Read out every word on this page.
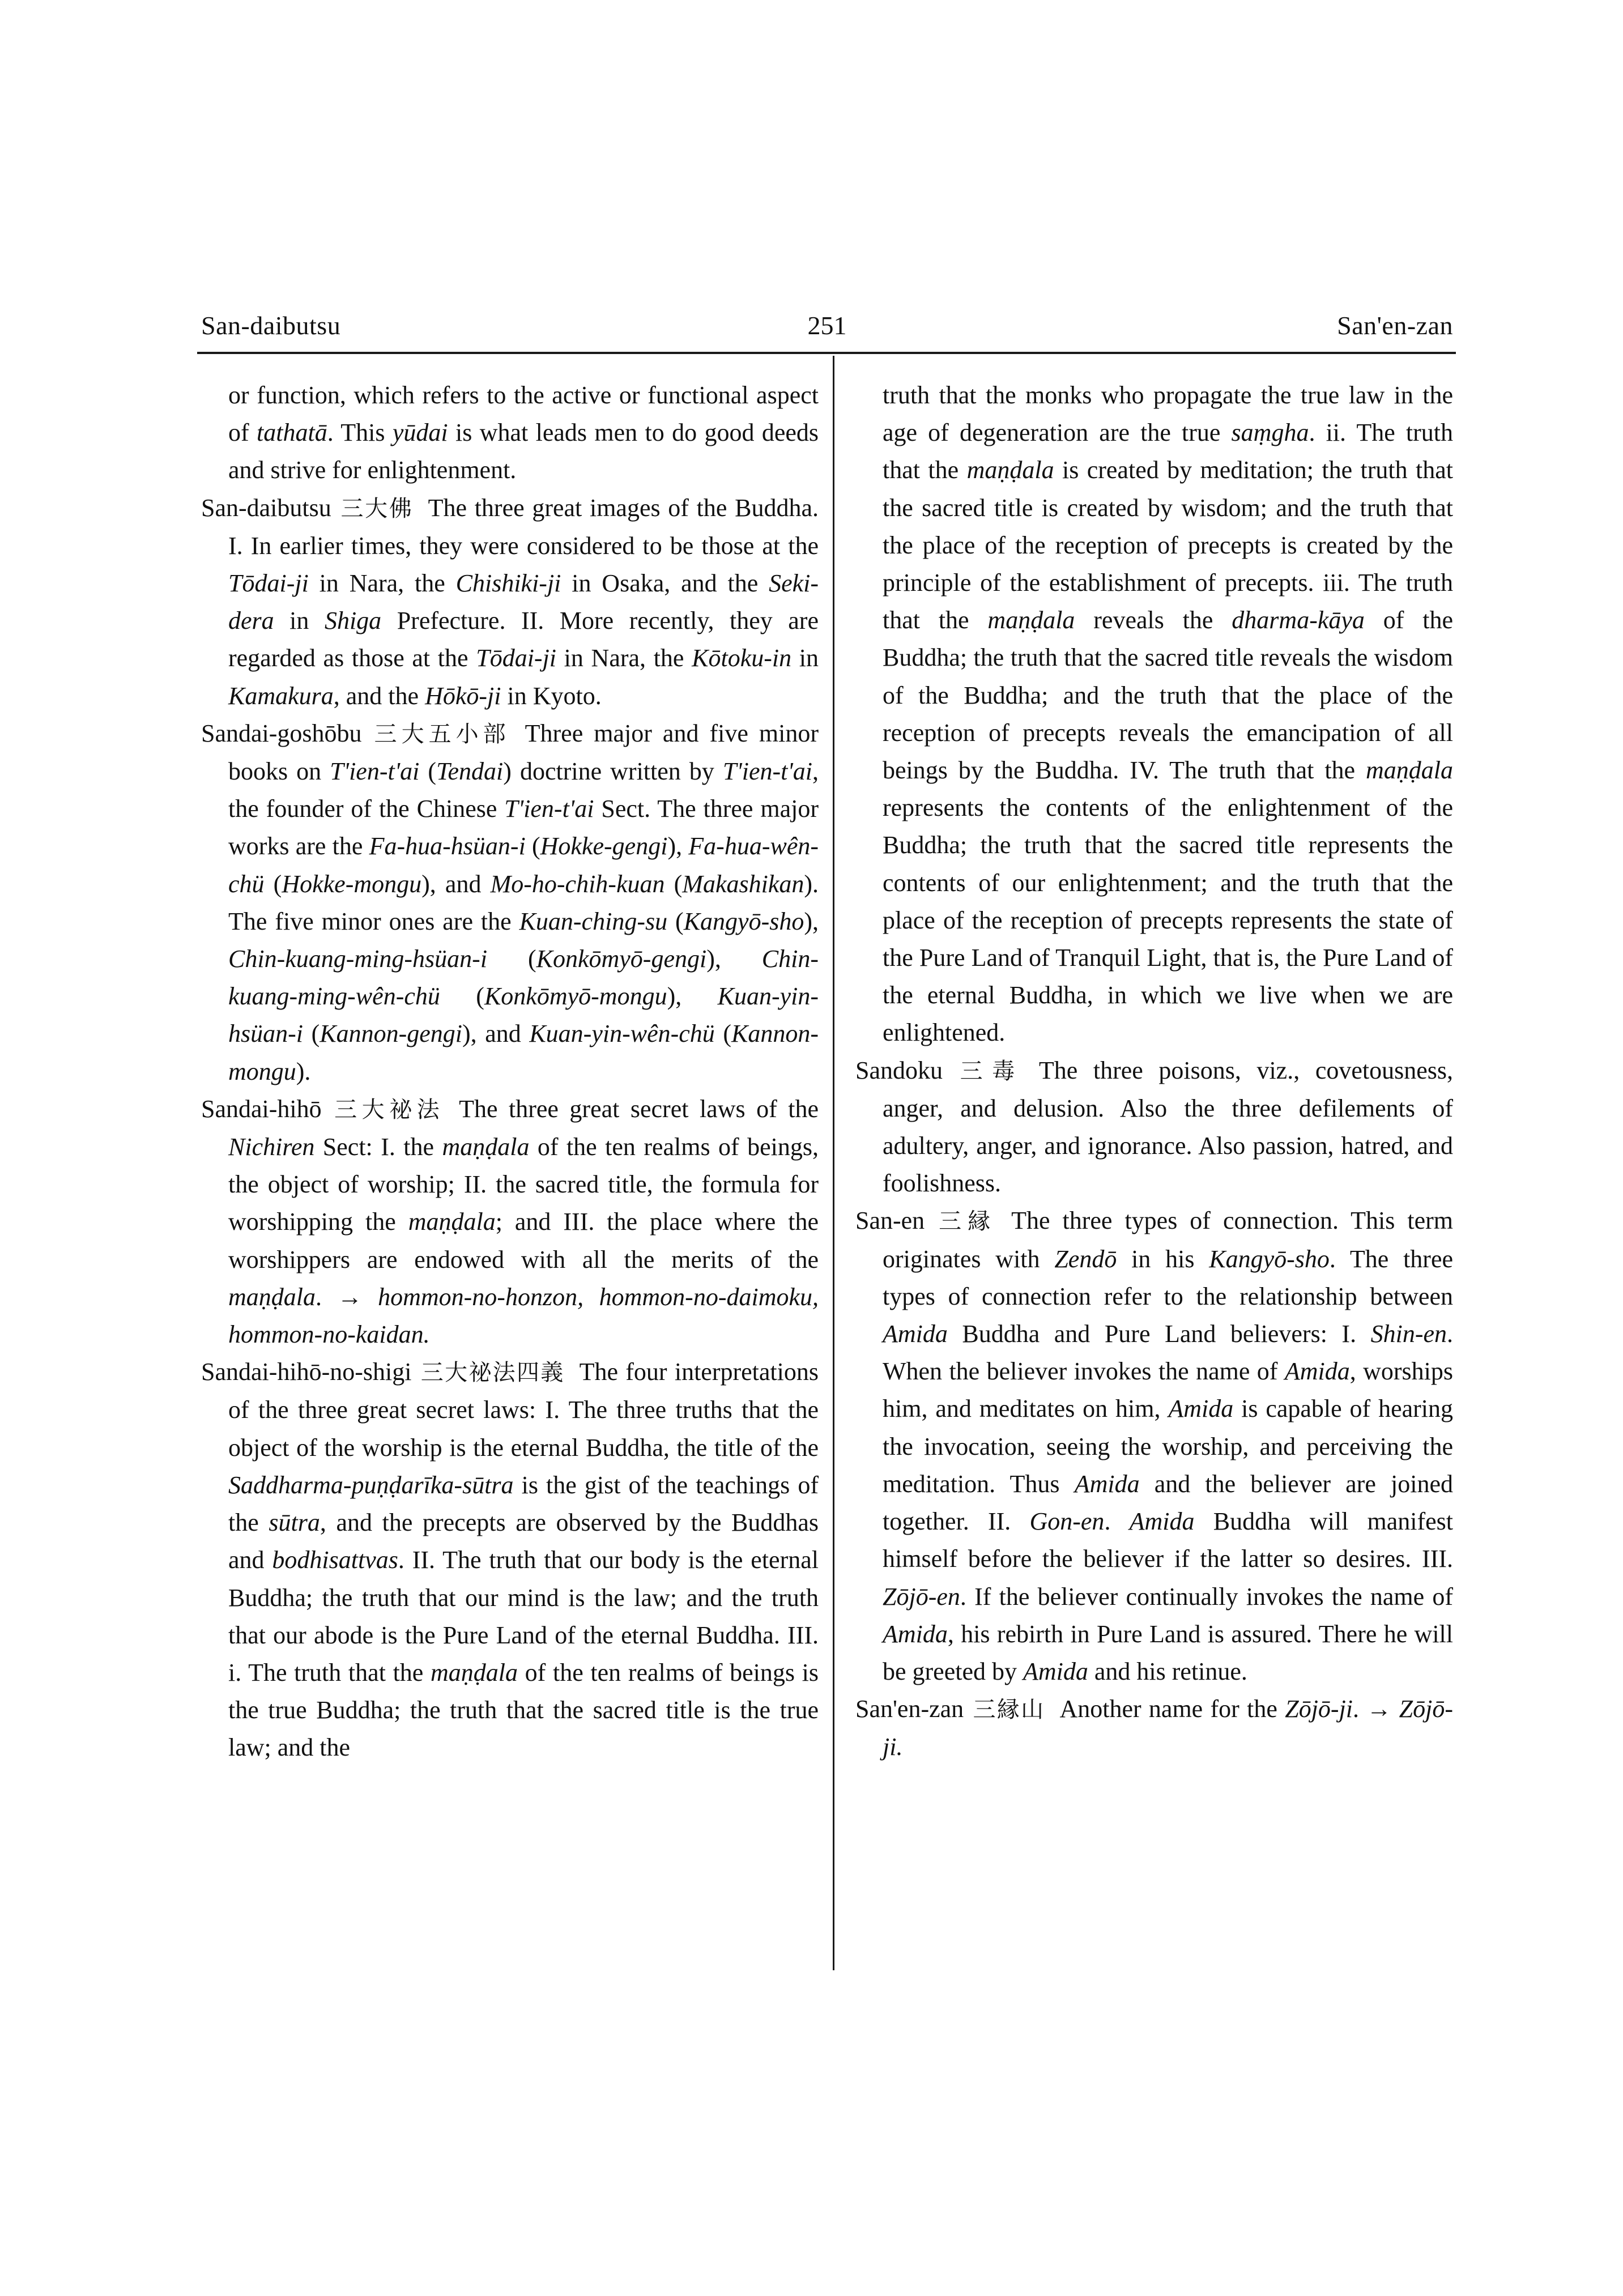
San-daibutsu	251	San'en-zan

or function, which refers to the active or functional aspect of tathatā. This yūdai is what leads men to do good deeds and strive for enlightenment.

San-daibutsu 三大佛 The three great images of the Buddha. I. In earlier times, they were considered to be those at the Tōdai-ji in Nara, the Chishiki-ji in Osaka, and the Seki-dera in Shiga Prefecture. II. More recently, they are regarded as those at the Tōdai-ji in Nara, the Kōtoku-in in Kamakura, and the Hōkō-ji in Kyoto.

Sandai-goshōbu 三大五小部 Three major and five minor books on T'ien-t'ai (Tendai) doctrine written by T'ien-t'ai, the founder of the Chinese T'ien-t'ai Sect. The three major works are the Fa-hua-hsüan-i (Hokke-gengi), Fa-hua-wên-chü (Hokke-mongu), and Mo-ho-chih-kuan (Makashikan). The five minor ones are the Kuan-ching-su (Kangyō-sho), Chin-kuang-ming-hsüan-i (Konkōmyō-gengi), Chin-kuang-ming-wên-chü (Konkōmyō-mongu), Kuan-yin-hsüan-i (Kannon-gengi), and Kuan-yin-wên-chü (Kannon-mongu).

Sandai-hihō 三大祕法 The three great secret laws of the Nichiren Sect: I. the maṇḍala of the ten realms of beings, the object of worship; II. the sacred title, the formula for worshipping the maṇḍala; and III. the place where the worshippers are endowed with all the merits of the maṇḍala. → hommon-no-honzon, hommon-no-daimoku, hommon-no-kaidan.

Sandai-hihō-no-shigi 三大祕法四義 The four interpretations of the three great secret laws: I. The three truths that the object of the worship is the eternal Buddha, the title of the Saddharma-puṇḍarīka-sūtra is the gist of the teachings of the sūtra, and the precepts are observed by the Buddhas and bodhisattvas. II. The truth that our body is the eternal Buddha; the truth that our mind is the law; and the truth that our abode is the Pure Land of the eternal Buddha. III. i. The truth that the maṇḍala of the ten realms of beings is the true Buddha; the truth that the sacred title is the true law; and the

truth that the monks who propagate the true law in the age of degeneration are the true saṃgha. ii. The truth that the maṇḍala is created by meditation; the truth that the sacred title is created by wisdom; and the truth that the place of the reception of precepts is created by the principle of the establishment of precepts. iii. The truth that the maṇḍala reveals the dharma-kāya of the Buddha; the truth that the sacred title reveals the wisdom of the Buddha; and the truth that the place of the reception of precepts reveals the emancipation of all beings by the Buddha. IV. The truth that the maṇḍala represents the contents of the enlightenment of the Buddha; the truth that the sacred title represents the contents of our enlightenment; and the truth that the place of the reception of precepts represents the state of the Pure Land of Tranquil Light, that is, the Pure Land of the eternal Buddha, in which we live when we are enlightened.

Sandoku 三毒 The three poisons, viz., covetousness, anger, and delusion. Also the three defilements of adultery, anger, and ignorance. Also passion, hatred, and foolishness.

San-en 三縁 The three types of connection. This term originates with Zendō in his Kangyō-sho. The three types of connection refer to the relationship between Amida Buddha and Pure Land believers: I. Shin-en. When the believer invokes the name of Amida, worships him, and meditates on him, Amida is capable of hearing the invocation, seeing the worship, and perceiving the meditation. Thus Amida and the believer are joined together. II. Gon-en. Amida Buddha will manifest himself before the believer if the latter so desires. III. Zōjō-en. If the believer continually invokes the name of Amida, his rebirth in Pure Land is assured. There he will be greeted by Amida and his retinue.

San'en-zan 三縁山 Another name for the Zōjō-ji. → Zōjō-ji.
